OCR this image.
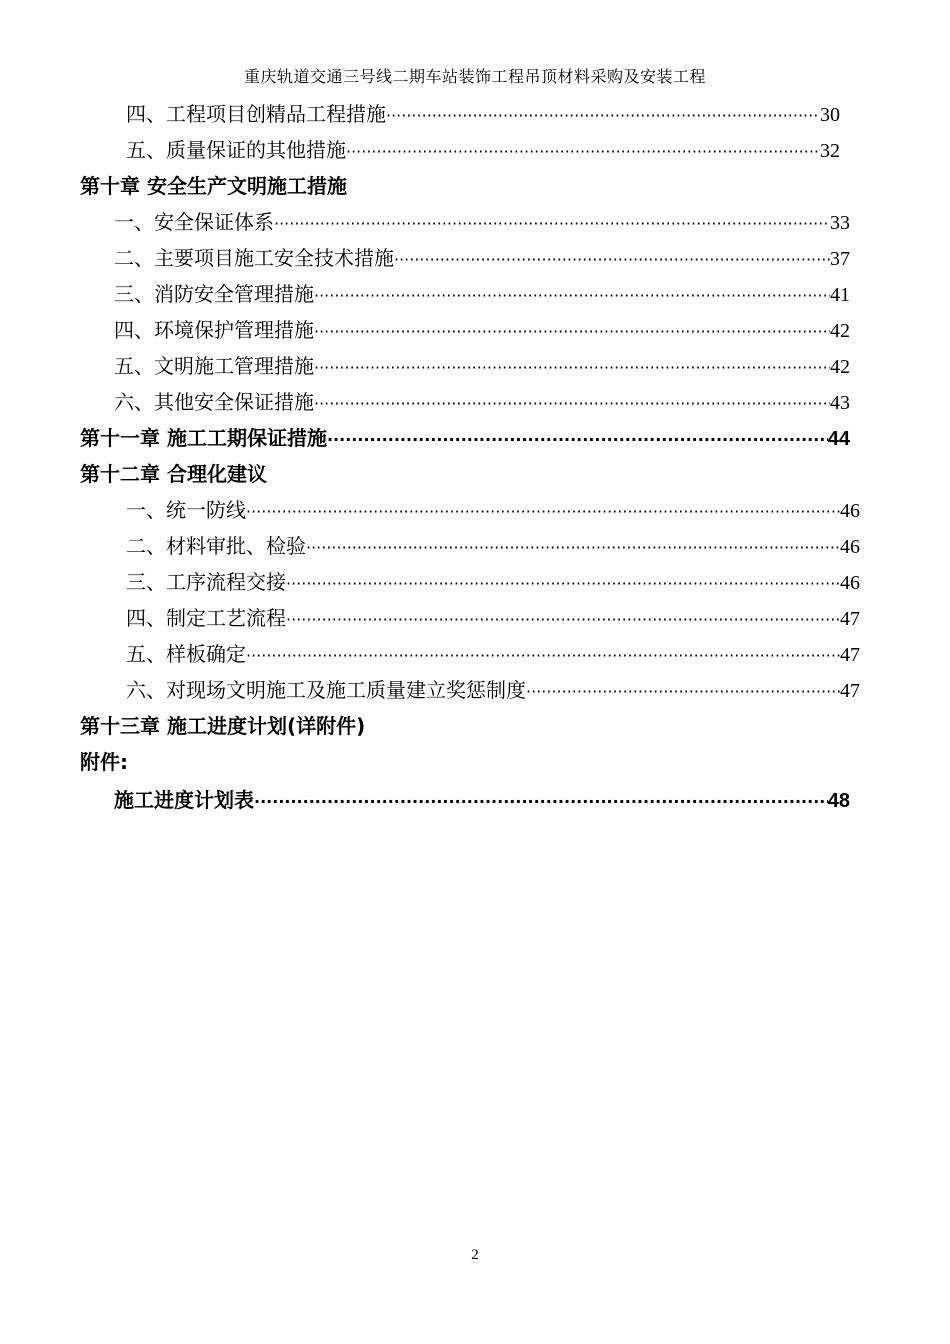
重庆轨道交通三号线二期车站装饰工程吊顶材料采购及安装工程
四、工程项目创精品工程措施 ·····	30
五、质量保证的其他措施 ·····	32
第十章 安全生产文明施工措施
一、安全保证体系 ·····	33
二、主要项目施工安全技术措施 ·····	37
三、消防安全管理措施 ·····	41
四、环境保护管理措施 ·····	42
五、文明施工管理措施 ·····	42
六、其他安全保证措施 ·····	43
第十一章 施工工期保证措施 ·····	44
第十二章 合理化建议
一、统一防线 ·····	46
二、材料审批、检验 ·····	46
三、工序流程交接 ·····	46
四、制定工艺流程 ·····	47
五、样板确定 ·····	47
六、对现场文明施工及施工质量建立奖惩制度 ·····	47
第十三章 施工进度计划(详附件)
附件:
施工进度计划表 ·····	48
2
